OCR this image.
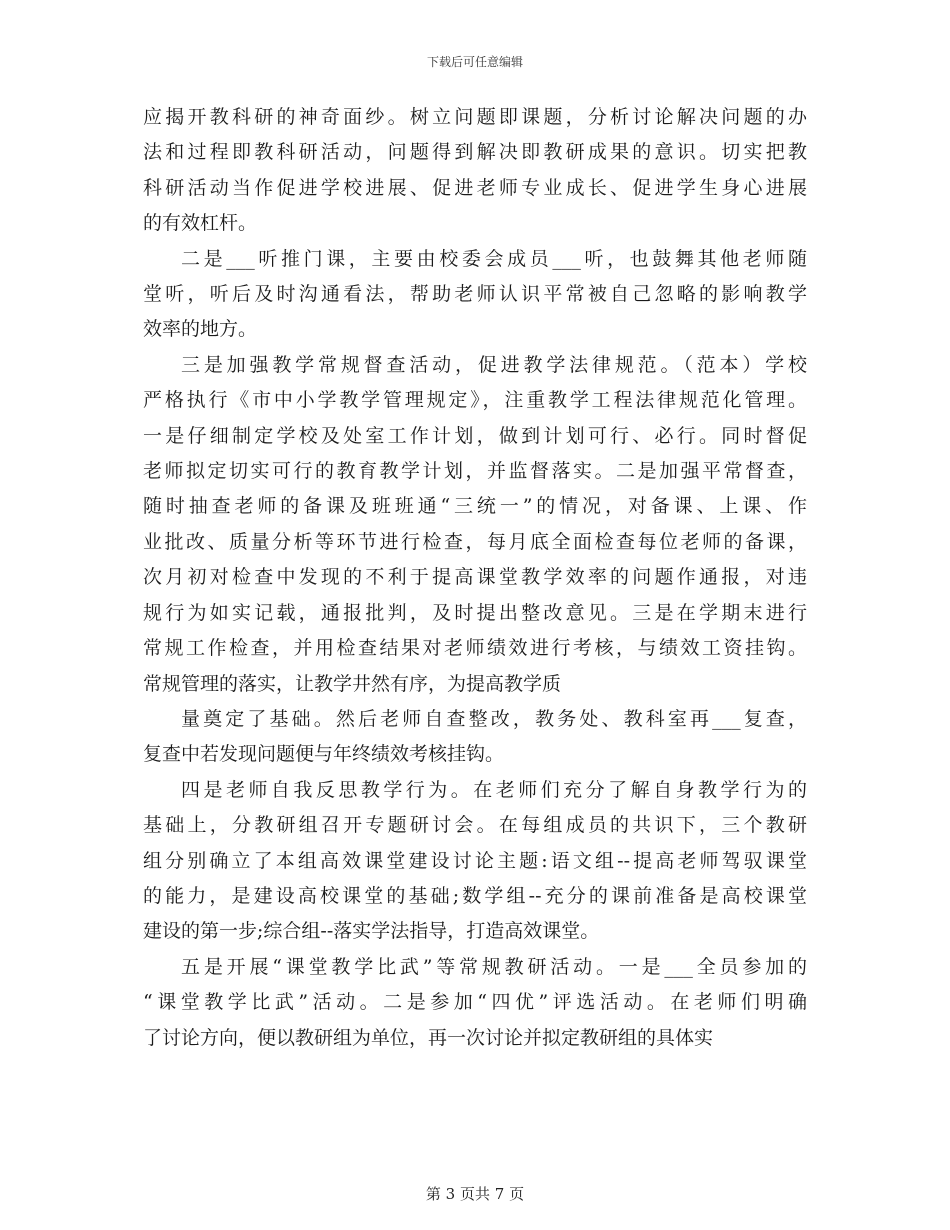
下载后可任意编辑
应揭开教科研的神奇面纱。树立问题即课题，分析讨论解决问题的办
法和过程即教科研活动，问题得到解决即教研成果的意识。切实把教
科研活动当作促进学校进展、促进老师专业成长、促进学生身心进展
的有效杠杆。
二是___听推门课，主要由校委会成员___听，也鼓舞其他老师随
堂听，听后及时沟通看法，帮助老师认识平常被自己忽略的影响教学
效率的地方。
三是加强教学常规督查活动，促进教学法律规范。（范本）学校
严格执行《市中小学教学管理规定》，注重教学工程法律规范化管理。
一是仔细制定学校及处室工作计划，做到计划可行、必行。同时督促
老师拟定切实可行的教育教学计划，并监督落实。二是加强平常督查，
随时抽查老师的备课及班班通“三统一”的情况，对备课、上课、作
业批改、质量分析等环节进行检查，每月底全面检查每位老师的备课，
次月初对检查中发现的不利于提高课堂教学效率的问题作通报，对违
规行为如实记载，通报批判，及时提出整改意见。三是在学期末进行
常规工作检查，并用检查结果对老师绩效进行考核，与绩效工资挂钩。
常规管理的落实，让教学井然有序，为提高教学质
量奠定了基础。然后老师自查整改，教务处、教科室再___复查，
复查中若发现问题便与年终绩效考核挂钩。
四是老师自我反思教学行为。在老师们充分了解自身教学行为的
基础上，分教研组召开专题研讨会。在每组成员的共识下，三个教研
组分别确立了本组高效课堂建设讨论主题:语文组--提高老师驾驭课堂
的能力，是建设高校课堂的基础;数学组--充分的课前准备是高校课堂
建设的第一步;综合组--落实学法指导，打造高效课堂。
五是开展“课堂教学比武”等常规教研活动。一是___全员参加的
“课堂教学比武”活动。二是参加“四优”评选活动。在老师们明确
了讨论方向，便以教研组为单位，再一次讨论并拟定教研组的具体实
第 3 页共 7 页
